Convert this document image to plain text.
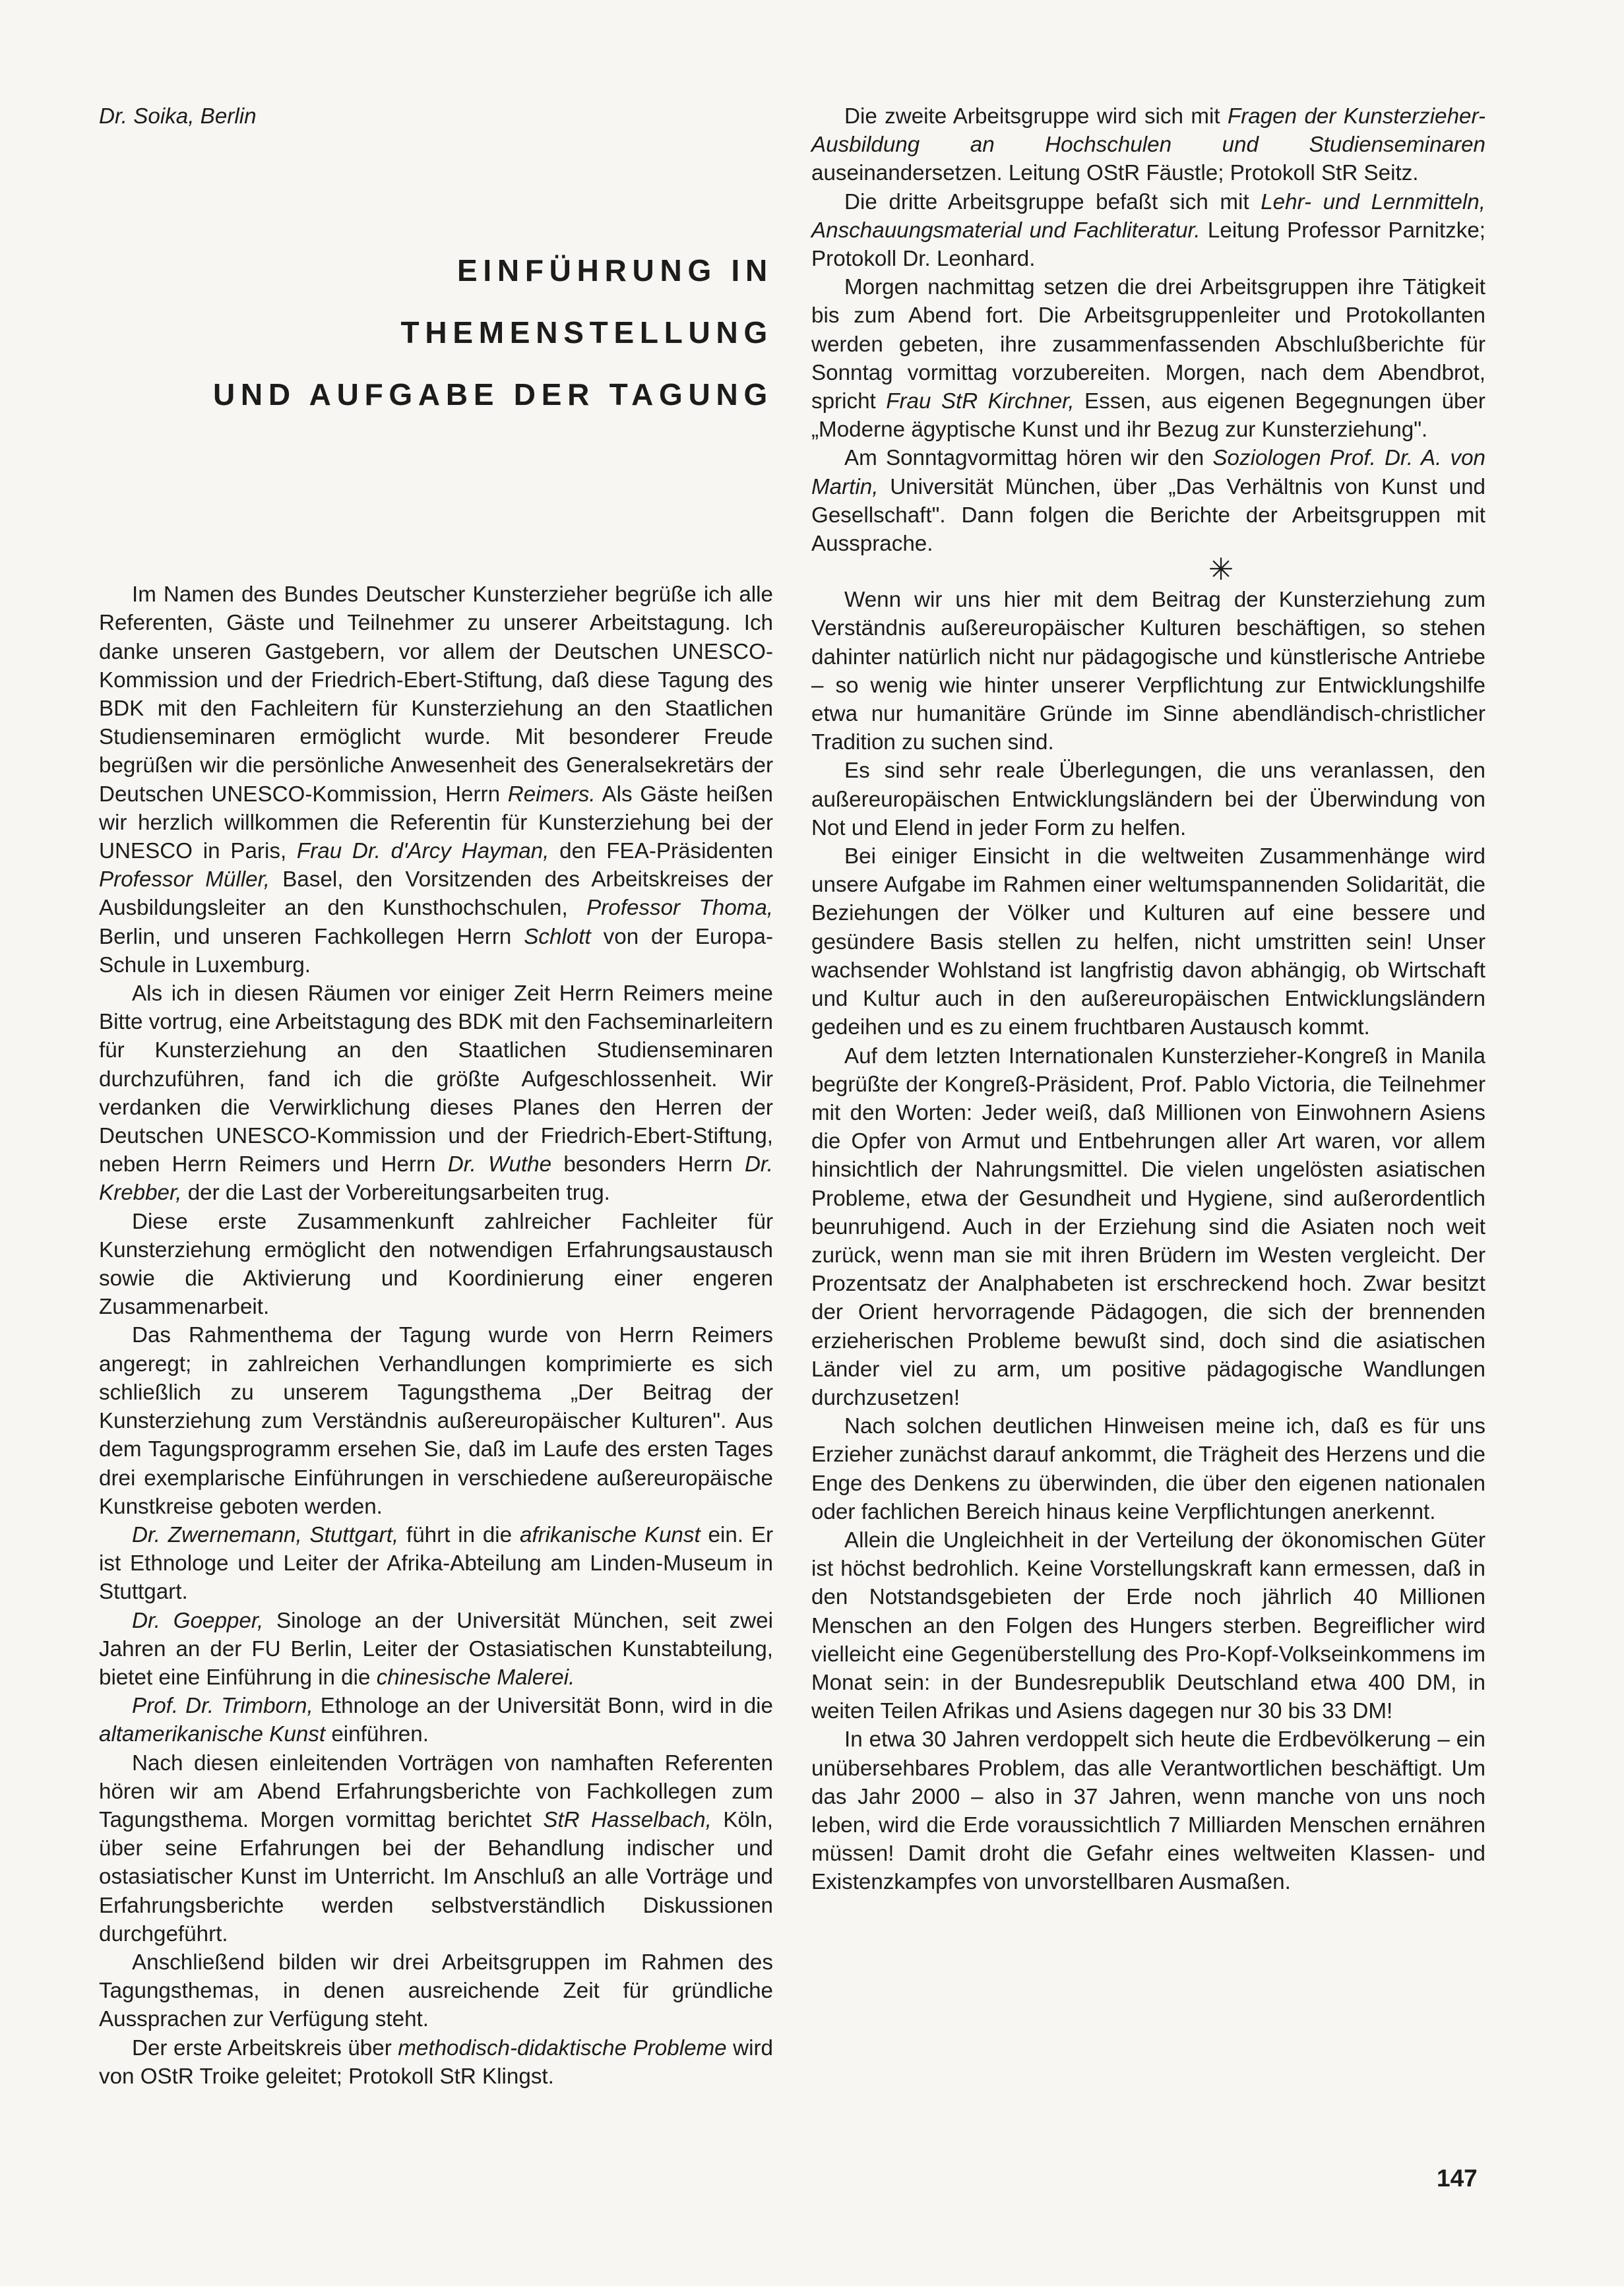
Dr. Soika, Berlin

EINFÜHRUNG IN THEMENSTELLUNG
UND AUFGABE DER TAGUNG

Im Namen des Bundes Deutscher Kunsterzieher begrüße ich alle Referenten, Gäste und Teilnehmer zu unserer Arbeitstagung. Ich danke unseren Gastgebern, vor allem der Deutschen UNESCO-Kommission und der Friedrich-Ebert-Stiftung, daß diese Tagung des BDK mit den Fachleitern für Kunsterziehung an den Staatlichen Studienseminaren ermöglicht wurde. Mit besonderer Freude begrüßen wir die persönliche Anwesenheit des Generalsekretärs der Deutschen UNESCO-Kommission, Herrn Reimers. Als Gäste heißen wir herzlich willkommen die Referentin für Kunsterziehung bei der UNESCO in Paris, Frau Dr. d'Arcy Hayman, den FEA-Präsidenten Professor Müller, Basel, den Vorsitzenden des Arbeitskreises der Ausbildungsleiter an den Kunsthochschulen, Professor Thoma, Berlin, und unseren Fachkollegen Herrn Schlott von der Europa-Schule in Luxemburg.

Als ich in diesen Räumen vor einiger Zeit Herrn Reimers meine Bitte vortrug, eine Arbeitstagung des BDK mit den Fachseminarleitern für Kunsterziehung an den Staatlichen Studienseminaren durchzuführen, fand ich die größte Aufgeschlossenheit. Wir verdanken die Verwirklichung dieses Planes den Herren der Deutschen UNESCO-Kommission und der Friedrich-Ebert-Stiftung, neben Herrn Reimers und Herrn Dr. Wuthe besonders Herrn Dr. Krebber, der die Last der Vorbereitungsarbeiten trug.

Diese erste Zusammenkunft zahlreicher Fachleiter für Kunsterziehung ermöglicht den notwendigen Erfahrungsaustausch sowie die Aktivierung und Koordinierung einer engeren Zusammenarbeit.

Das Rahmenthema der Tagung wurde von Herrn Reimers angeregt; in zahlreichen Verhandlungen komprimierte es sich schließlich zu unserem Tagungsthema „Der Beitrag der Kunsterziehung zum Verständnis außereuropäischer Kulturen". Aus dem Tagungsprogramm ersehen Sie, daß im Laufe des ersten Tages drei exemplarische Einführungen in verschiedene außereuropäische Kunstkreise geboten werden.

Dr. Zwernemann, Stuttgart, führt in die afrikanische Kunst ein. Er ist Ethnologe und Leiter der Afrika-Abteilung am Linden-Museum in Stuttgart.

Dr. Goepper, Sinologe an der Universität München, seit zwei Jahren an der FU Berlin, Leiter der Ostasiatischen Kunstabteilung, bietet eine Einführung in die chinesische Malerei.

Prof. Dr. Trimborn, Ethnologe an der Universität Bonn, wird in die altamerikanische Kunst einführen.

Nach diesen einleitenden Vorträgen von namhaften Referenten hören wir am Abend Erfahrungsberichte von Fachkollegen zum Tagungsthema. Morgen vormittag berichtet StR Hasselbach, Köln, über seine Erfahrungen bei der Behandlung indischer und ostasiatischer Kunst im Unterricht. Im Anschluß an alle Vorträge und Erfahrungsberichte werden selbstverständlich Diskussionen durchgeführt.

Anschließend bilden wir drei Arbeitsgruppen im Rahmen des Tagungsthemas, in denen ausreichende Zeit für gründliche Aussprachen zur Verfügung steht.

Der erste Arbeitskreis über methodisch-didaktische Probleme wird von OStR Troike geleitet; Protokoll StR Klingst.

Die zweite Arbeitsgruppe wird sich mit Fragen der Kunsterzieher-Ausbildung an Hochschulen und Studienseminaren auseinandersetzen. Leitung OStR Fäustle; Protokoll StR Seitz.

Die dritte Arbeitsgruppe befaßt sich mit Lehr- und Lernmitteln, Anschauungsmaterial und Fachliteratur. Leitung Professor Parnitzke; Protokoll Dr. Leonhard.

Morgen nachmittag setzen die drei Arbeitsgruppen ihre Tätigkeit bis zum Abend fort. Die Arbeitsgruppenleiter und Protokollanten werden gebeten, ihre zusammenfassenden Abschlußberichte für Sonntag vormittag vorzubereiten. Morgen, nach dem Abendbrot, spricht Frau StR Kirchner, Essen, aus eigenen Begegnungen über „Moderne ägyptische Kunst und ihr Bezug zur Kunsterziehung".

Am Sonntagvormittag hören wir den Soziologen Prof. Dr. A. von Martin, Universität München, über „Das Verhältnis von Kunst und Gesellschaft". Dann folgen die Berichte der Arbeitsgruppen mit Aussprache.

✳

Wenn wir uns hier mit dem Beitrag der Kunsterziehung zum Verständnis außereuropäischer Kulturen beschäftigen, so stehen dahinter natürlich nicht nur pädagogische und künstlerische Antriebe – so wenig wie hinter unserer Verpflichtung zur Entwicklungshilfe etwa nur humanitäre Gründe im Sinne abendländisch-christlicher Tradition zu suchen sind.

Es sind sehr reale Überlegungen, die uns veranlassen, den außereuropäischen Entwicklungsländern bei der Überwindung von Not und Elend in jeder Form zu helfen.

Bei einiger Einsicht in die weltweiten Zusammenhänge wird unsere Aufgabe im Rahmen einer weltumspannenden Solidarität, die Beziehungen der Völker und Kulturen auf eine bessere und gesündere Basis stellen zu helfen, nicht umstritten sein! Unser wachsender Wohlstand ist langfristig davon abhängig, ob Wirtschaft und Kultur auch in den außereuropäischen Entwicklungsländern gedeihen und es zu einem fruchtbaren Austausch kommt.

Auf dem letzten Internationalen Kunsterzieher-Kongreß in Manila begrüßte der Kongreß-Präsident, Prof. Pablo Victoria, die Teilnehmer mit den Worten: Jeder weiß, daß Millionen von Einwohnern Asiens die Opfer von Armut und Entbehrungen aller Art waren, vor allem hinsichtlich der Nahrungsmittel. Die vielen ungelösten asiatischen Probleme, etwa der Gesundheit und Hygiene, sind außerordentlich beunruhigend. Auch in der Erziehung sind die Asiaten noch weit zurück, wenn man sie mit ihren Brüdern im Westen vergleicht. Der Prozentsatz der Analphabeten ist erschreckend hoch. Zwar besitzt der Orient hervorragende Pädagogen, die sich der brennenden erzieherischen Probleme bewußt sind, doch sind die asiatischen Länder viel zu arm, um positive pädagogische Wandlungen durchzusetzen!

Nach solchen deutlichen Hinweisen meine ich, daß es für uns Erzieher zunächst darauf ankommt, die Trägheit des Herzens und die Enge des Denkens zu überwinden, die über den eigenen nationalen oder fachlichen Bereich hinaus keine Verpflichtungen anerkennt.

Allein die Ungleichheit in der Verteilung der ökonomischen Güter ist höchst bedrohlich. Keine Vorstellungskraft kann ermessen, daß in den Notstandsgebieten der Erde noch jährlich 40 Millionen Menschen an den Folgen des Hungers sterben. Begreiflicher wird vielleicht eine Gegenüberstellung des Pro-Kopf-Volkseinkommens im Monat sein: in der Bundesrepublik Deutschland etwa 400 DM, in weiten Teilen Afrikas und Asiens dagegen nur 30 bis 33 DM!

In etwa 30 Jahren verdoppelt sich heute die Erdbevölkerung – ein unübersehbares Problem, das alle Verantwortlichen beschäftigt. Um das Jahr 2000 – also in 37 Jahren, wenn manche von uns noch leben, wird die Erde voraussichtlich 7 Milliarden Menschen ernähren müssen! Damit droht die Gefahr eines weltweiten Klassen- und Existenzkampfes von unvorstellbaren Ausmaßen.

147
